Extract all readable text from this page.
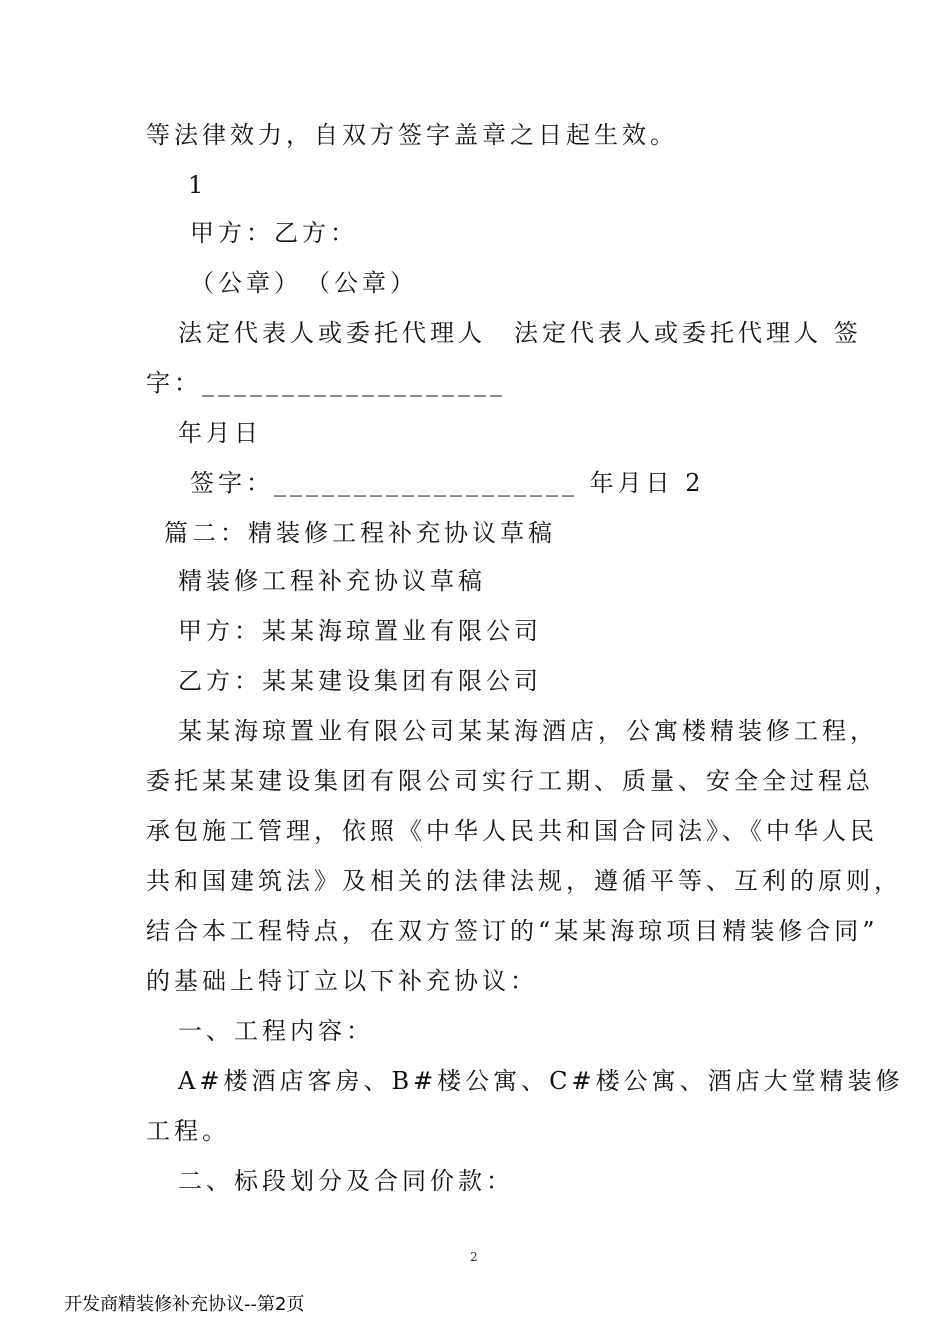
等法律效力，自双方签字盖章之日起生效。
1
甲方：乙方：
（公章）　（公章）
法定代表人或委托代理人　法定代表人或委托代理人 签
字：___________________
年月日
签字：___________________ 年月日 2
篇二：精装修工程补充协议草稿
精装修工程补充协议草稿
甲方：某某海琼置业有限公司
乙方：某某建设集团有限公司
某某海琼置业有限公司某某海酒店，公寓楼精装修工程，
委托某某建设集团有限公司实行工期、质量、安全全过程总
承包施工管理，依照《中华人民共和国合同法》、《中华人民
共和国建筑法》及相关的法律法规，遵循平等、互利的原则，
结合本工程特点，在双方签订的“某某海琼项目精装修合同”
的基础上特订立以下补充协议：
一、工程内容：
A#楼酒店客房、B#楼公寓、C#楼公寓、酒店大堂精装修
工程。
二、标段划分及合同价款：
2
开发商精装修补充协议--第2页
